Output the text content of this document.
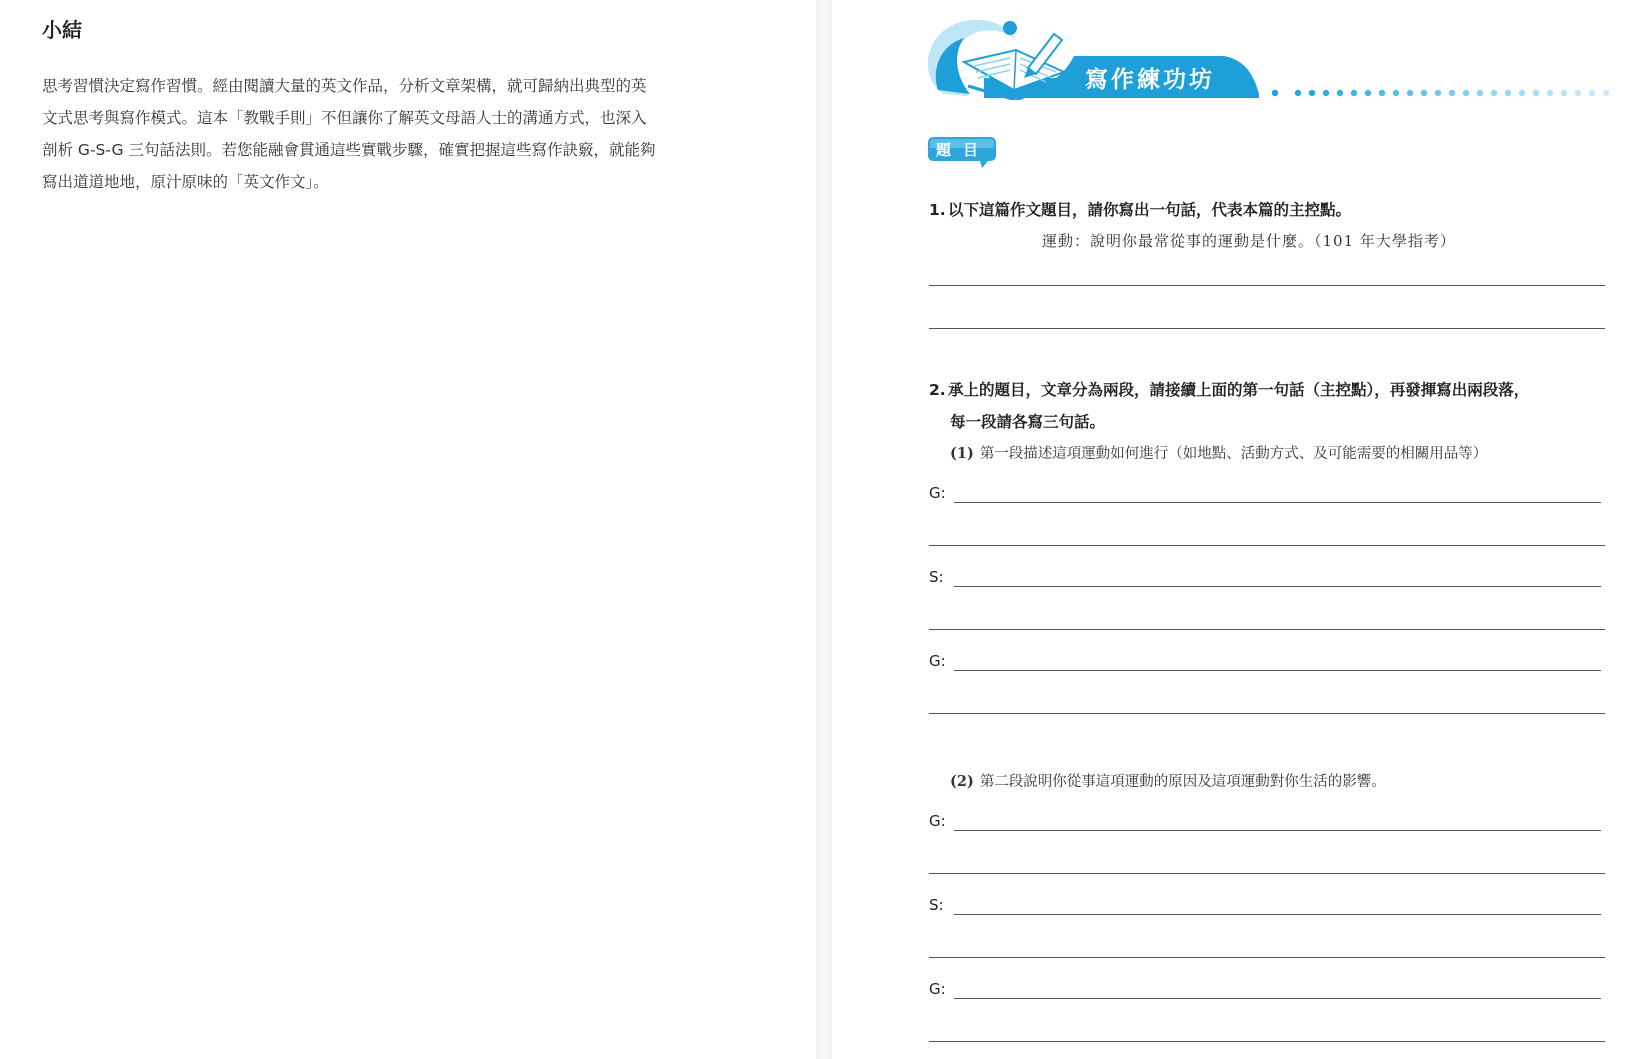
小結
思考習慣決定寫作習慣。經由閱讀大量的英文作品，分析文章架構，就可歸納出典型的英
文式思考與寫作模式。這本「教戰手則」不但讓你了解英文母語人士的溝通方式，也深入
剖析 G-S-G 三句話法則。若您能融會貫通這些實戰步驟，確實把握這些寫作訣竅，就能夠
寫出道道地地，原汁原味的「英文作文」。
寫作練功坊
題目
1. 以下這篇作文題目，請你寫出一句話，代表本篇的主控點。
運動：說明你最常從事的運動是什麼。（101 年大學指考）
2. 承上的題目，文章分為兩段，請接續上面的第一句話（主控點），再發揮寫出兩段落，
每一段請各寫三句話。
(1) 第一段描述這項運動如何進行（如地點、活動方式、及可能需要的相關用品等）
G:
S:
G:
(2) 第二段說明你從事這項運動的原因及這項運動對你生活的影響。
G:
S:
G:
